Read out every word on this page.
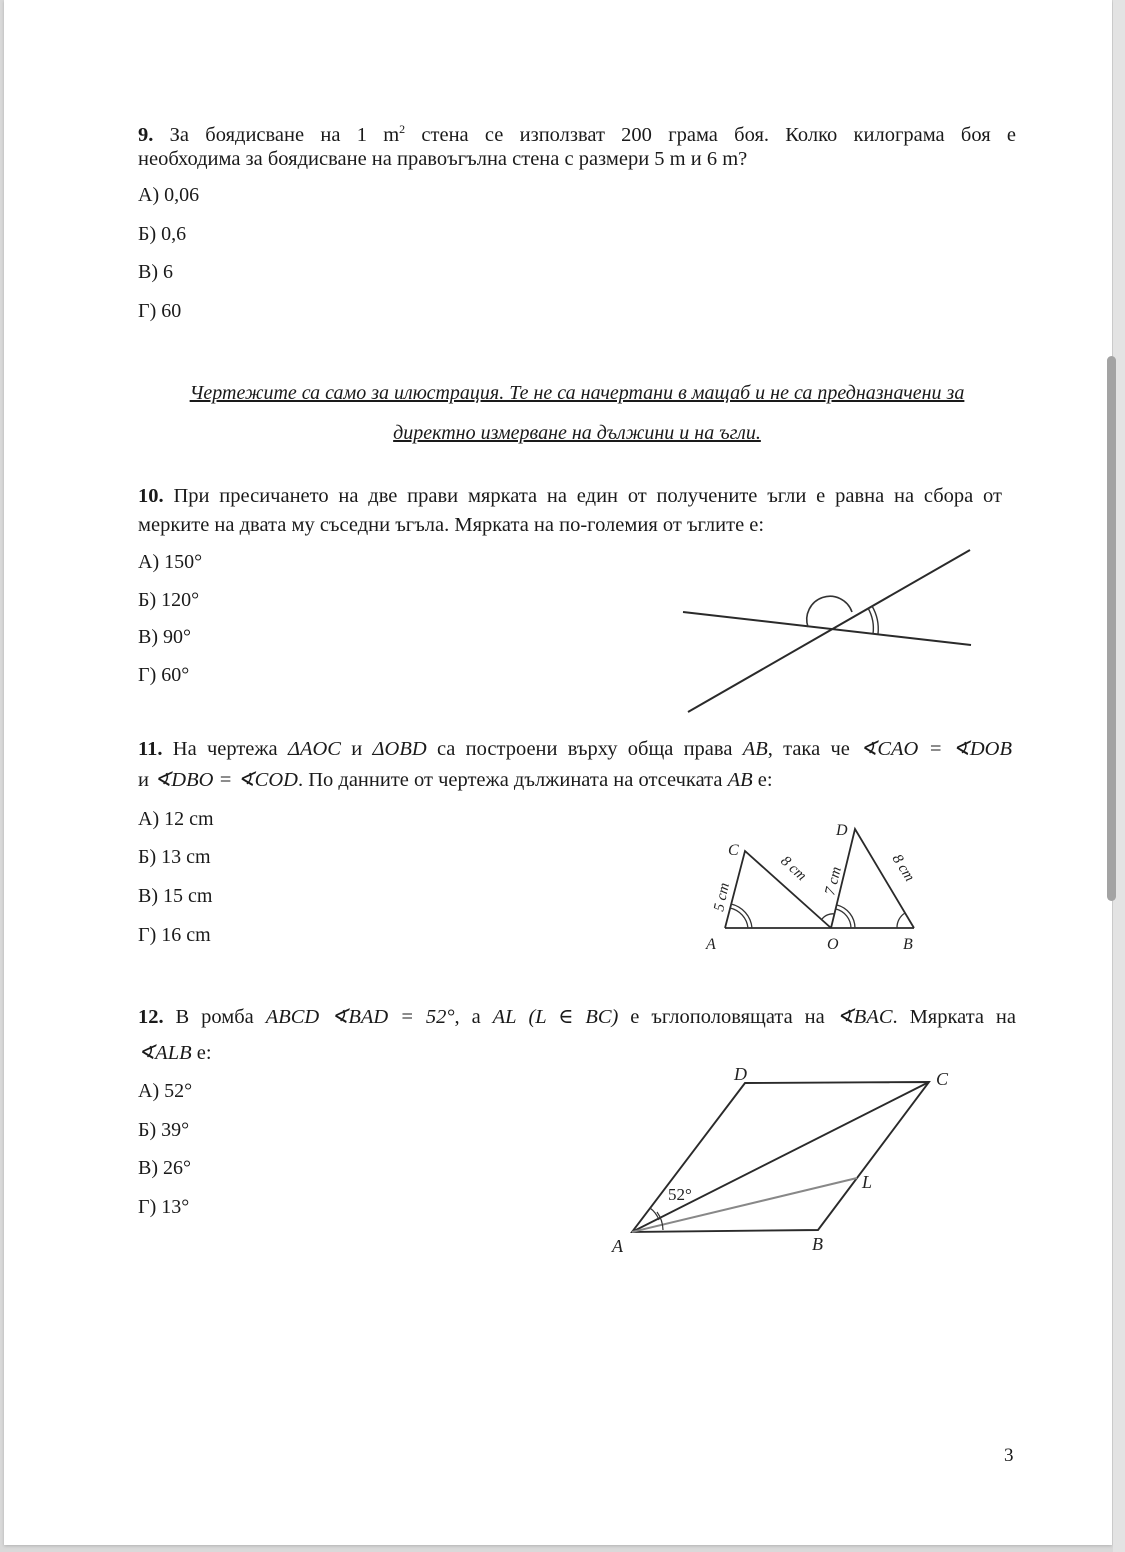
9. За боядисване на 1 $m^2$ стена се използват 200 грама боя. Колко килограма боя е
необходима за боядисване на правоъгълна стена с размери 5 m и 6 m?
А) 0,06
Б) 0,6
В) 6
Г) 60
Чертежите са само за илюстрация. Те не са начертани в мащаб и не са предназначени за
директно измерване на дължини и на ъгли.
10. При пресичането на две прави мярката на един от получените ъгли е равна на сбора от
мерките на двата му съседни ъгъла. Мярката на по-големия от ъглите е:
А) 150°
Б) 120°
В) 90°
Г) 60°
11. На чертежа ΔAOC и ΔOBD са построени върху обща права AB, така че ∢CAO = ∢DOB
и ∢DBO = ∢COD. По данните от чертежа дължината на отсечката AB е:
А) 12 cm
Б) 13 cm
В) 15 cm
Г) 16 cm	A	O	B
C
D
5 cm
8 cm 7 cm	8 cm
12. В ромба ABCD ∢BAD = 52°, а AL (L ∈ BC) е ъглополовящата на ∢BAC. Мярката на
∢ALB е:
А) 52°
Б) 39°
В) 26°
Г) 13°
A	B
C
D
L
52°
3
